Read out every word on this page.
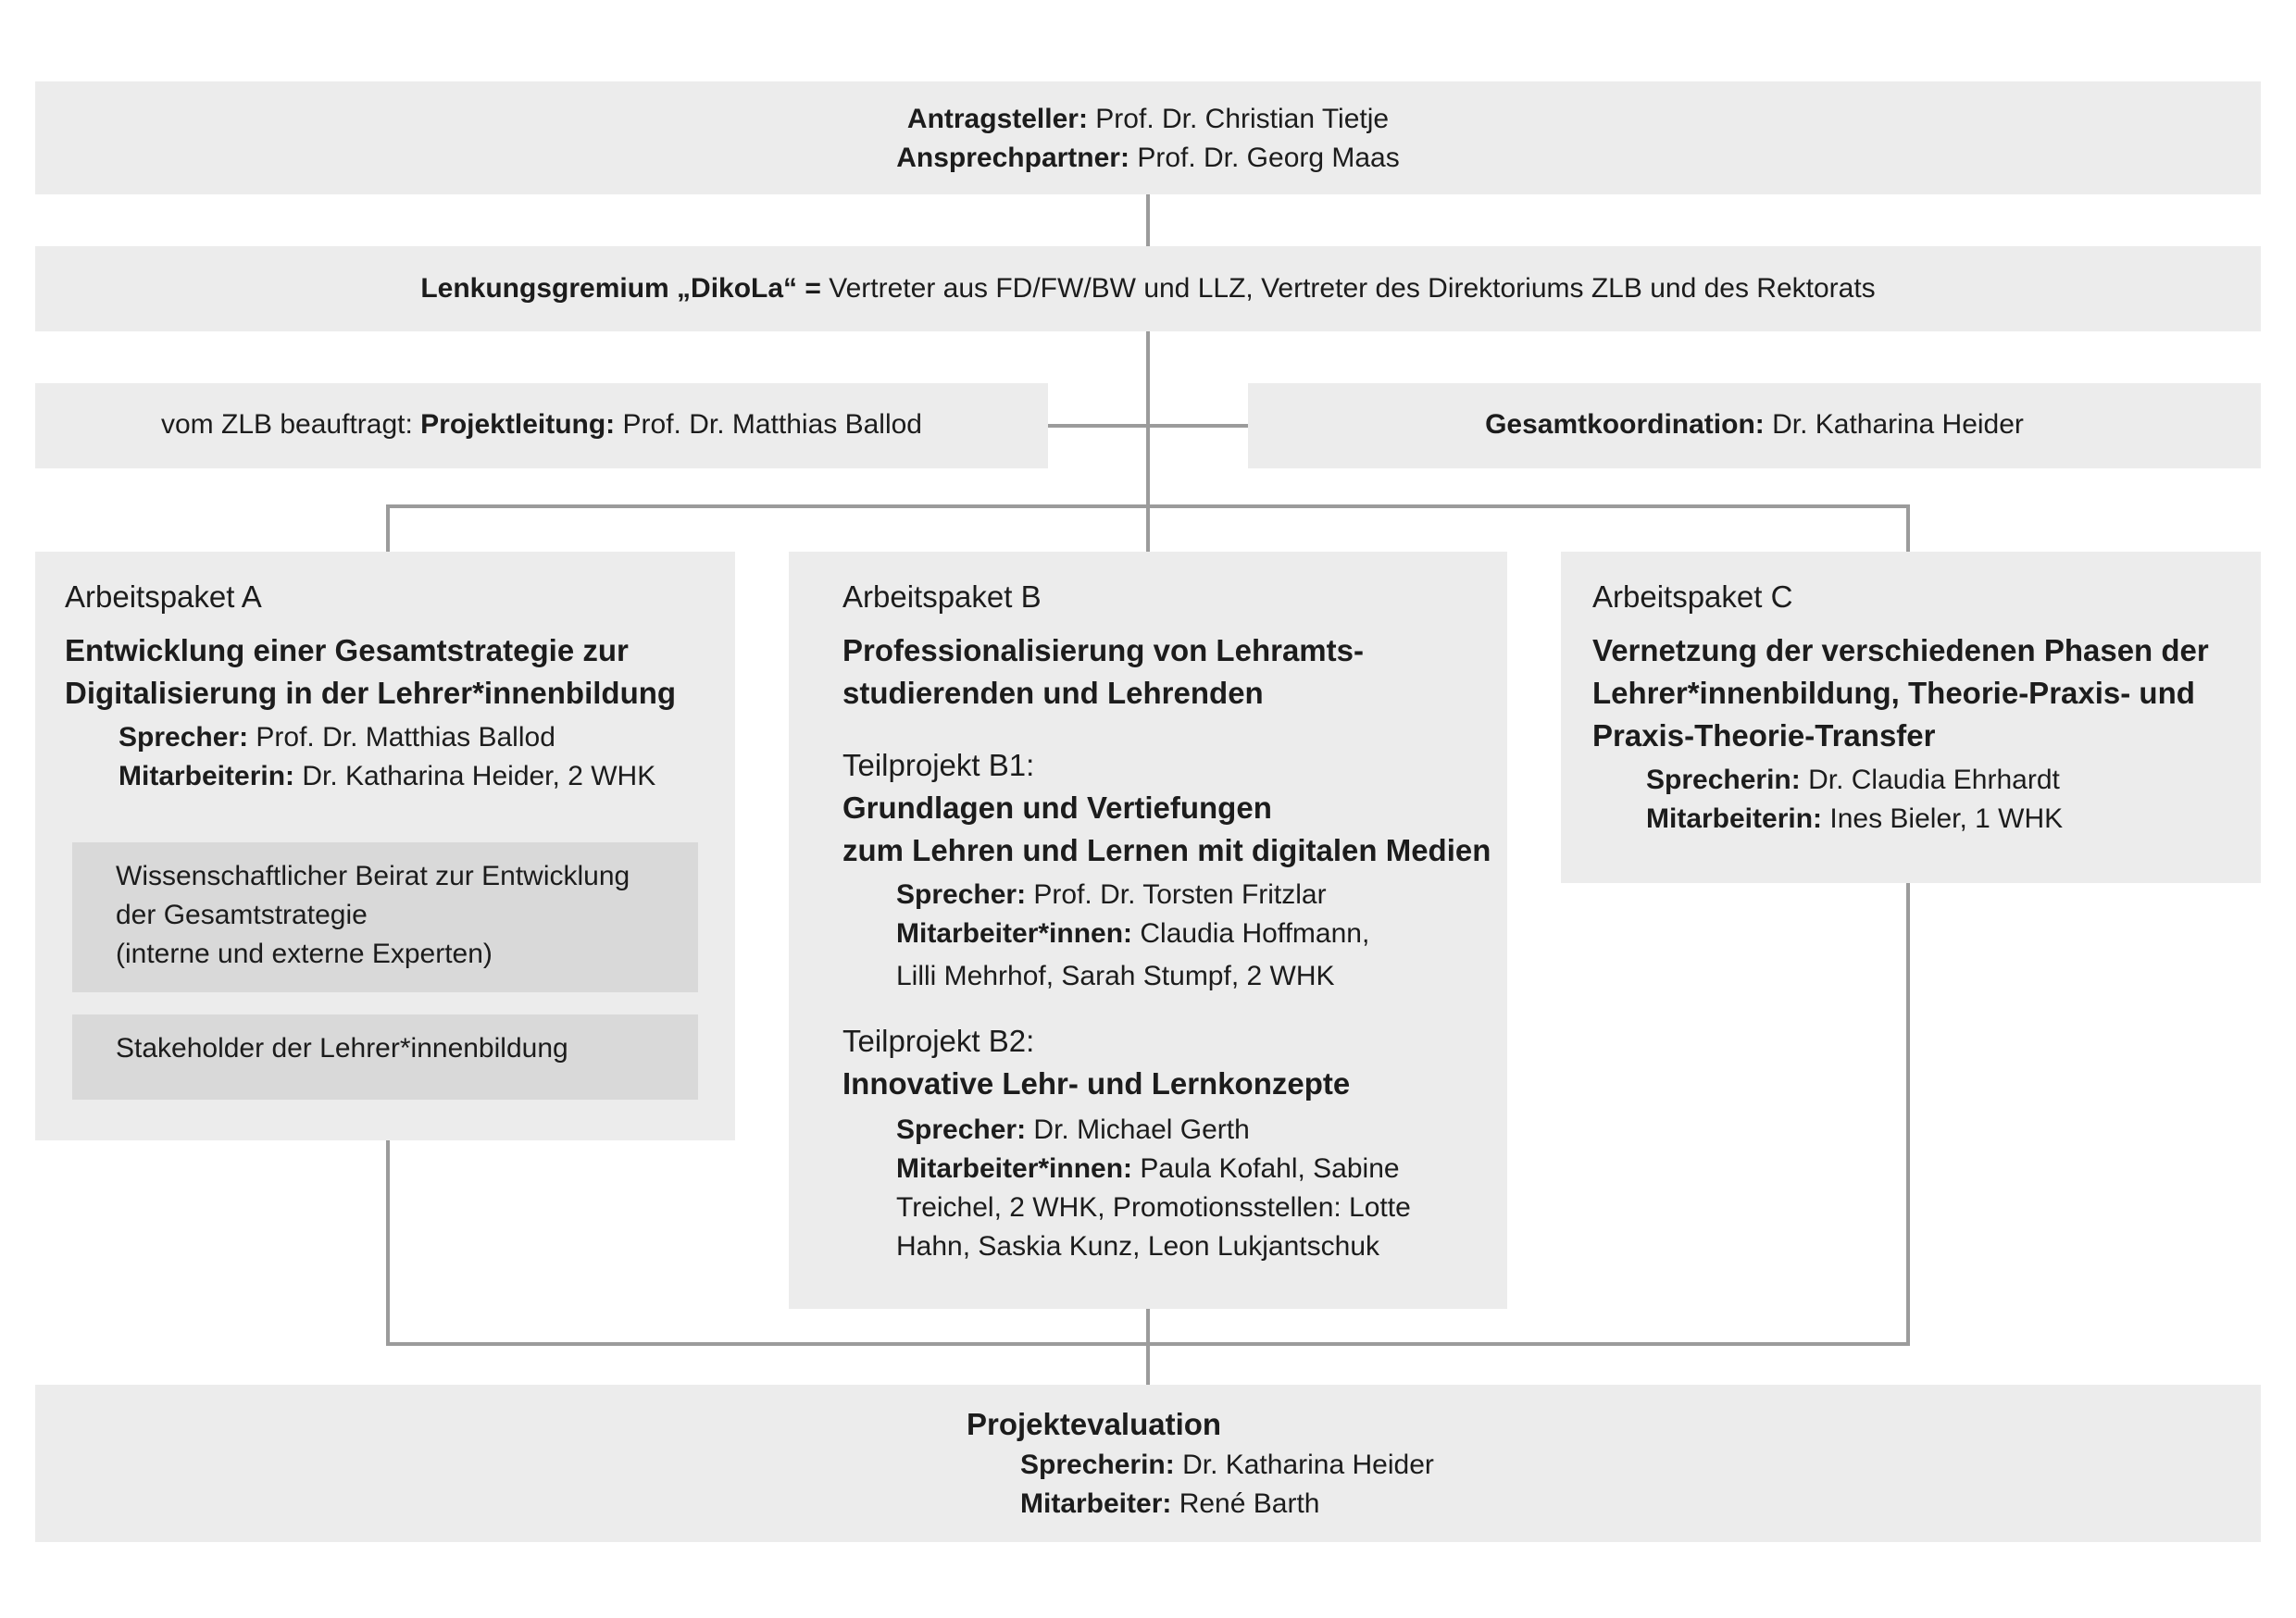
Antragsteller: Prof. Dr. Christian Tietje
Ansprechpartner: Prof. Dr. Georg Maas
Lenkungsgremium „DikoLa“ = Vertreter aus FD/FW/BW und LLZ, Vertreter des Direktoriums ZLB und des Rektorats
vom ZLB beauftragt: Projektleitung: Prof. Dr. Matthias Ballod	Gesamtkoordination: Dr. Katharina Heider
Arbeitspaket A
Entwicklung einer Gesamtstrategie zur
Digitalisierung in der Lehrer*innenbildung
Sprecher: Prof. Dr. Matthias Ballod
Mitarbeiterin: Dr. Katharina Heider, 2 WHK
Wissenschaftlicher Beirat zur Entwicklung
der Gesamtstrategie
(interne und externe Experten)
Stakeholder der Lehrer*innenbildung
Arbeitspaket B
Professionalisierung von Lehramts-
studierenden und Lehrenden
Teilprojekt B1:
Grundlagen und Vertiefungen
zum Lehren und Lernen mit digitalen Medien
Sprecher: Prof. Dr. Torsten Fritzlar
Mitarbeiter*innen: Claudia Hoffmann,
Lilli Mehrhof, Sarah Stumpf, 2 WHK
Teilprojekt B2:
Innovative Lehr- und Lernkonzepte
Sprecher: Dr. Michael Gerth
Mitarbeiter*innen: Paula Kofahl, Sabine
Treichel, 2 WHK, Promotionsstellen: Lotte
Hahn, Saskia Kunz, Leon Lukjantschuk
Arbeitspaket C
Vernetzung der verschiedenen Phasen der
Lehrer*innenbildung, Theorie-Praxis- und
Praxis-Theorie-Transfer
Sprecherin: Dr. Claudia Ehrhardt
Mitarbeiterin: Ines Bieler, 1 WHK
Projektevaluation
Sprecherin: Dr. Katharina Heider
Mitarbeiter: René Barth
